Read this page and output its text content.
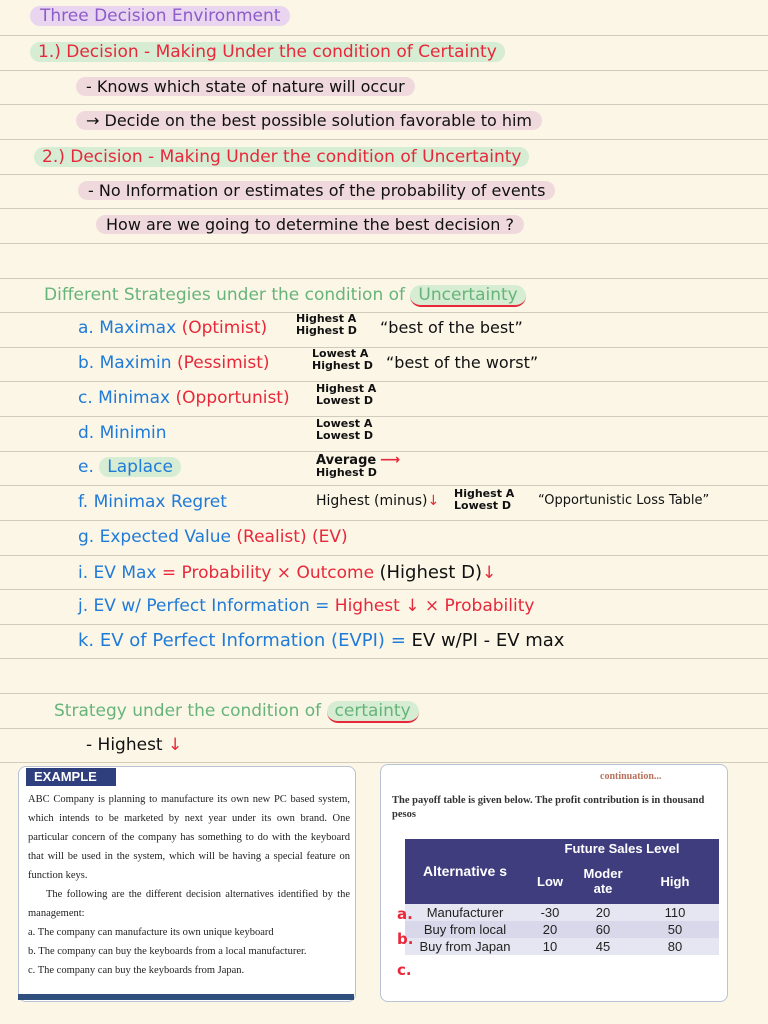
Three Decision Environment
1.) Decision - Making Under the condition of Certainty
- Knows which state of nature will occur
→ Decide on the best possible solution favorable to him
2.) Decision - Making Under the condition of Uncertainty
- No Information or estimates of the probability of events
How are we going to determine the best decision ?
Different Strategies under the condition of Uncertainty
a. Maximax (Optimist)	Highest A
Highest D “best of the best”
b. Maximin (Pessimist)	Lowest A
Highest D “best of the worst”
c. Minimax (Opportunist) Highest A
Lowest D
d. Minimin	Lowest A
Lowest D
e. Laplace	Average ⟶
Highest D
f. Minimax Regret	Highest (minus)↓ Highest A
Lowest D “Opportunistic Loss Table”
g. Expected Value (Realist) (EV)
i. EV Max = Probability × Outcome (Highest D)↓
j. EV w/ Perfect Information = Highest ↓ × Probability
k. EV of Perfect Information (EVPI) = EV w/PI - EV max
Strategy under the condition of certainty
- Highest ↓
EXAMPLE

ABC Company is planning to manufacture its own new PC based system, which intends to be marketed by next year under its own brand. One particular concern of the company has something to do with the keyboard that will be used in the system, which will be having a special feature on function keys.

The following are the different decision alternatives identified by the management:

a. The company can manufacture its own unique keyboard

b. The company can buy the keyboards from a local manufacturer.

c. The company can buy the keyboards from Japan.

continuation...
The payoff table is given below. The profit contribution is in thousand pesos
Alternative s	Future Sales Level		
	Low	Moder ate	High
Manufacturer	-30	20	110
Buy from local	20	60	50
Buy from Japan	10	45	80
a.
b.
c.
